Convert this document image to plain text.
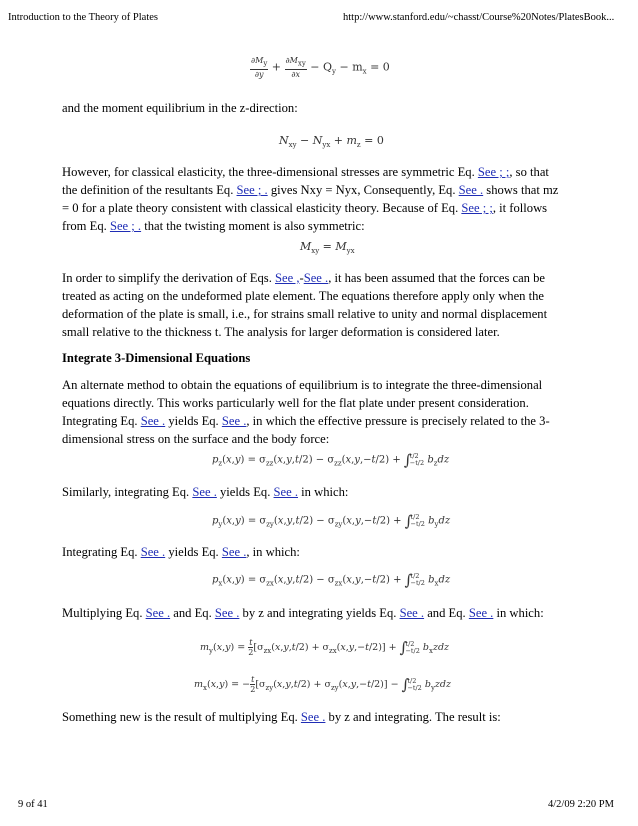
Introduction to the Theory of Plates	http://www.stanford.edu/~chasst/Course%20Notes/PlatesBook...
$\frac{\partial M_y}{\partial y} + \frac{\partial M_{xy}}{\partial x} - Q_y - m_x = 0$

and the moment equilibrium in the z-direction:

$N_{xy} - N_{yx} + m_z = 0$

However, for classical elasticity, the three-dimensional stresses are symmetric Eq. See ; ;, so that the definition of the resultants Eq. See ; . gives Nxy = Nyx, Consequently, Eq. See . shows that mz = 0 for a plate theory consistent with classical elasticity theory. Because of Eq. See ; ;, it follows from Eq. See ; . that the twisting moment is also symmetric:

$M_{xy} = M_{yx}$

In order to simplify the derivation of Eqs. See ,-See ., it has been assumed that the forces can be treated as acting on the undeformed plate element. The equations therefore apply only when the deformation of the plate is small, i.e., for strains small relative to unity and normal displacement small relative to the thickness t. The analysis for larger deformation is considered later.

Integrate 3-Dimensional Equations

An alternate method to obtain the equations of equilibrium is to integrate the three-dimensional equations directly. This works particularly well for the flat plate under present consideration. Integrating Eq. See . yields Eq. See ., in which the effective pressure is precisely related to the 3-dimensional stress on the surface and the body force:

$p_z(x,y) = \sigma_{zz}(x,y,t/2) - \sigma_{zz}(x,y,-t/2) + \int t/2$
−t/2 $b_zdz$

Similarly, integrating Eq. See . yields Eq. See . in which:

$p_y(x,y) = \sigma_{zy}(x,y,t/2) - \sigma_{zy}(x,y,-t/2) + \int t/2$
−t/2 $b_ydz$

Integrating Eq. See . yields Eq. See ., in which:

$p_x(x,y) = \sigma_{zx}(x,y,t/2) - \sigma_{zx}(x,y,-t/2) + \int t/2$
−t/2 $b_xdz$

Multiplying Eq. See . and Eq. See . by z and integrating yields Eq. See . and Eq. See . in which:

$m_y(x,y) = \frac{t}{2} [\sigma_{zx}(x,y,t/2) + \sigma_{zx}(x,y,-t/2)] + \int t/2$
−t/2 $b_xzdz$
$m_x(x,y)$ = − $\frac{t}{2} [\sigma_{zy}(x,y,t/2) + \sigma_{zy}(x,y,-t/2)] - \int t/2$
−t/2 $b_yzdz$

Something new is the result of multiplying Eq. See . by z and integrating. The result is:

9 of 41	4/2/09 2:20 PM
